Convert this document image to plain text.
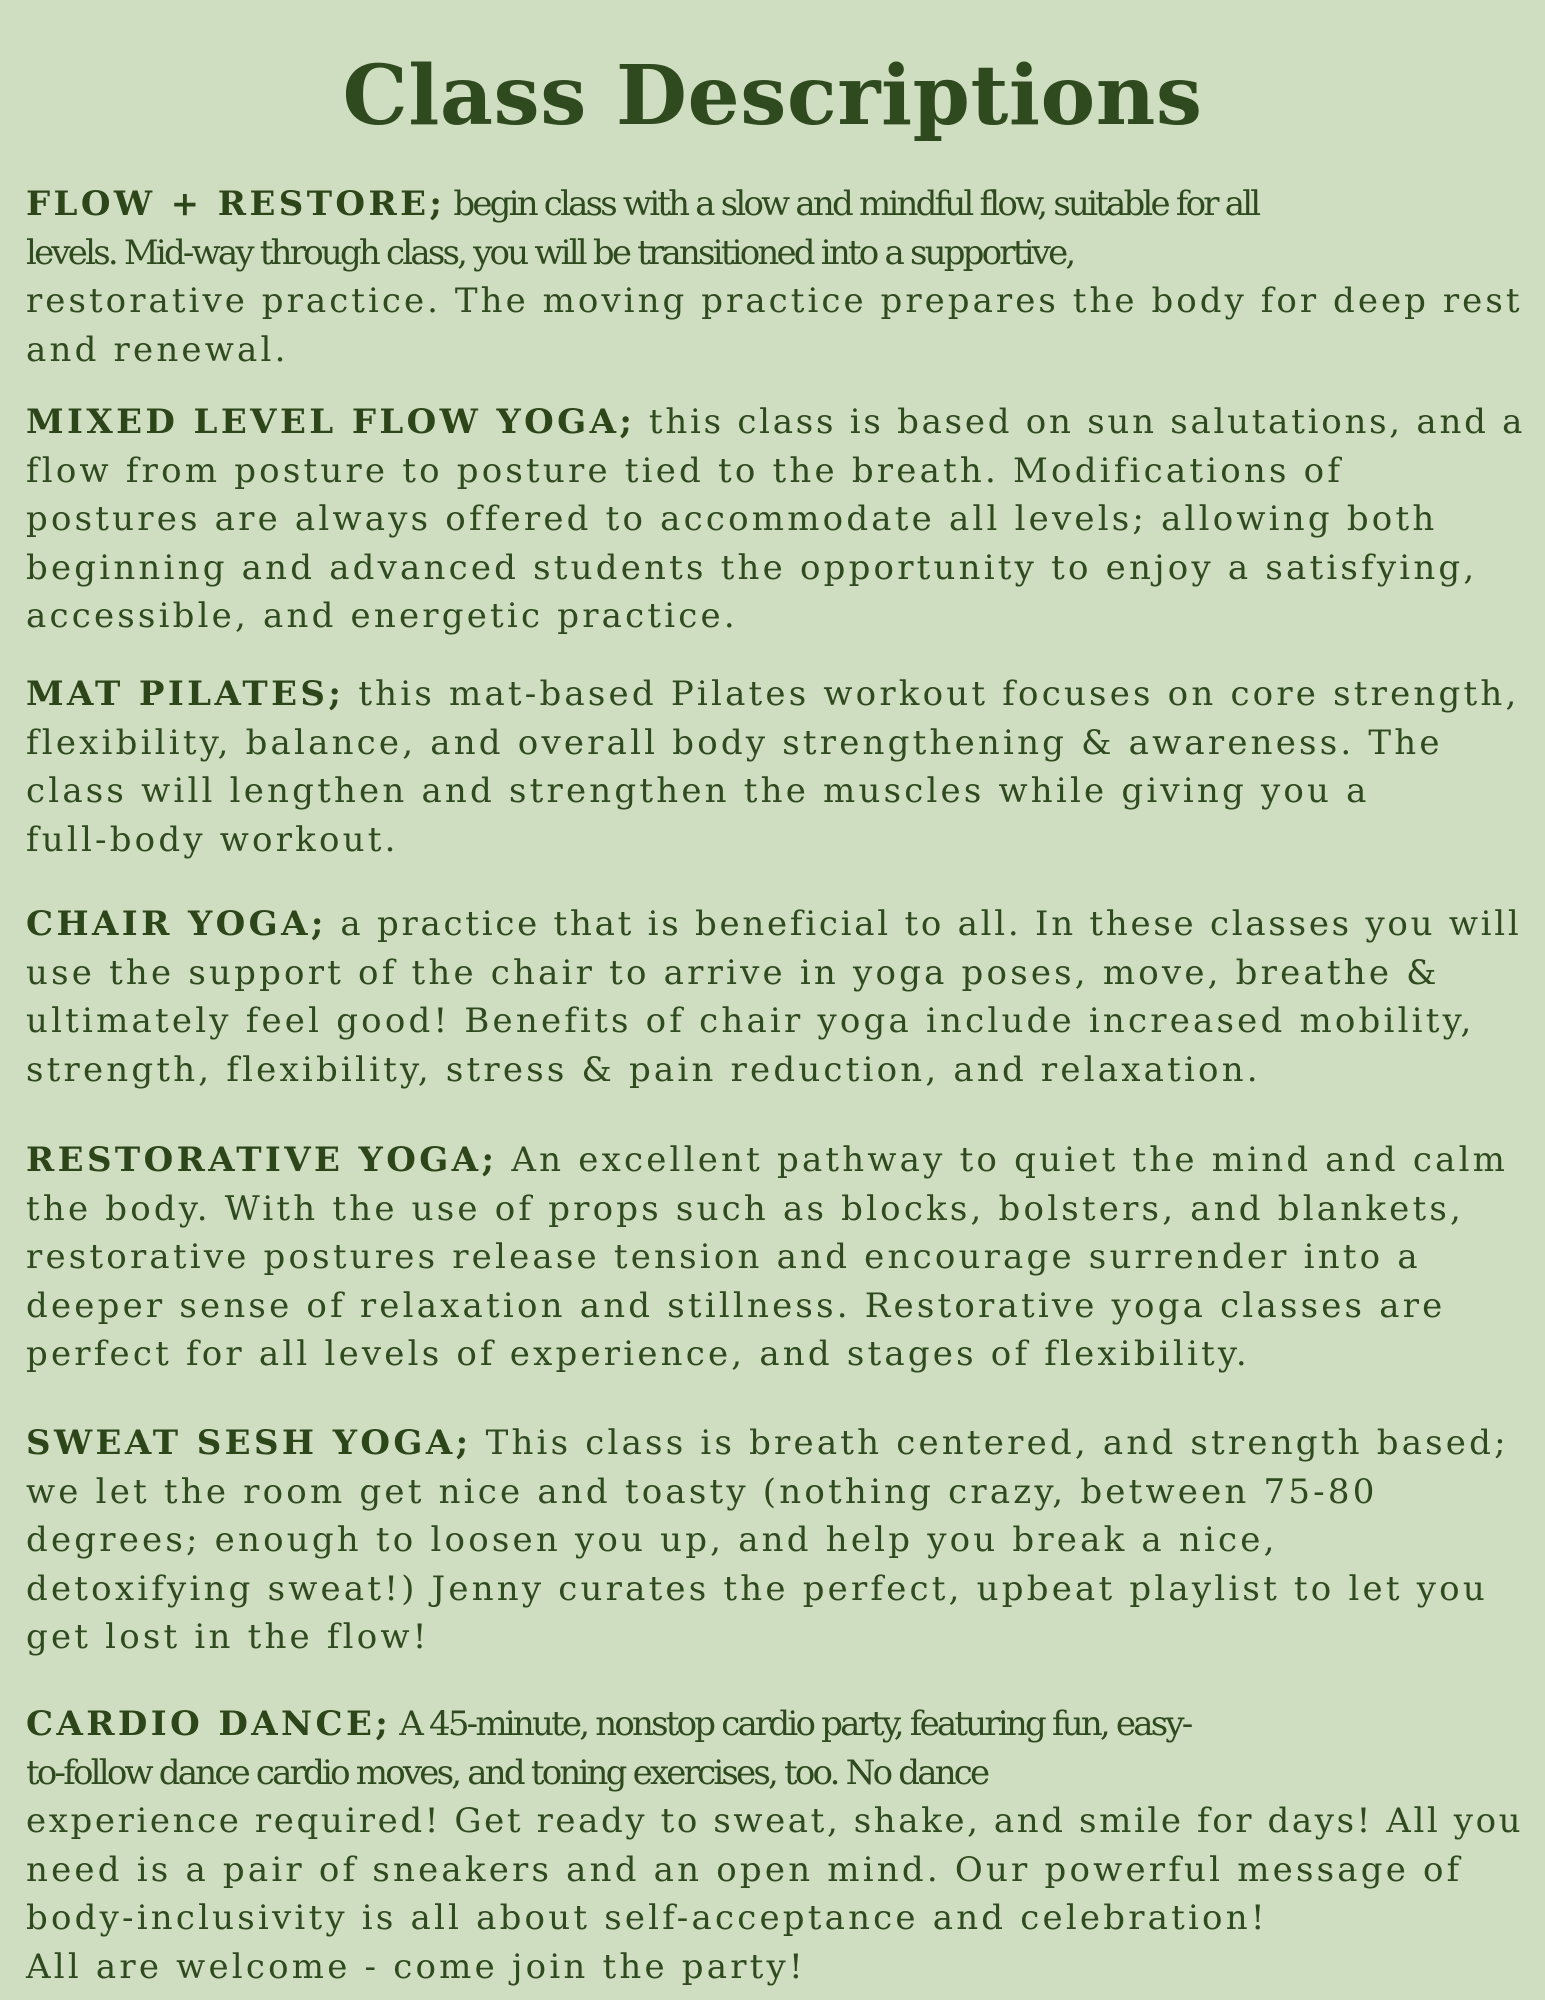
Class Descriptions

FLOW + RESTORE; begin class with a slow and mindful flow, suitable for all
levels. Mid-way through class, you will be transitioned into a supportive,
restorative practice. The moving practice prepares the body for deep rest
and renewal.

MIXED LEVEL FLOW YOGA; this class is based on sun salutations, and a
flow from posture to posture tied to the breath. Modifications of
postures are always offered to accommodate all levels; allowing both
beginning and advanced students the opportunity to enjoy a satisfying,
accessible, and energetic practice.

MAT PILATES; this mat-based Pilates workout focuses on core strength,
flexibility, balance, and overall body strengthening & awareness. The
class will lengthen and strengthen the muscles while giving you a
full-body workout.

CHAIR YOGA; a practice that is beneficial to all. In these classes you will
use the support of the chair to arrive in yoga poses, move, breathe &
ultimately feel good! Benefits of chair yoga include increased mobility,
strength, flexibility, stress & pain reduction, and relaxation.

RESTORATIVE YOGA; An excellent pathway to quiet the mind and calm
the body. With the use of props such as blocks, bolsters, and blankets,
restorative postures release tension and encourage surrender into a
deeper sense of relaxation and stillness. Restorative yoga classes are
perfect for all levels of experience, and stages of flexibility.

SWEAT SESH YOGA; This class is breath centered, and strength based;
we let the room get nice and toasty (nothing crazy, between 75-80
degrees; enough to loosen you up, and help you break a nice,
detoxifying sweat!) Jenny curates the perfect, upbeat playlist to let you
get lost in the flow!

CARDIO DANCE; A 45-minute, nonstop cardio party, featuring fun, easy-
to-follow dance cardio moves, and toning exercises, too. No dance
experience required! Get ready to sweat, shake, and smile for days! All you
need is a pair of sneakers and an open mind. Our powerful message of
body-inclusivity is all about self-acceptance and celebration!
All are welcome - come join the party!
